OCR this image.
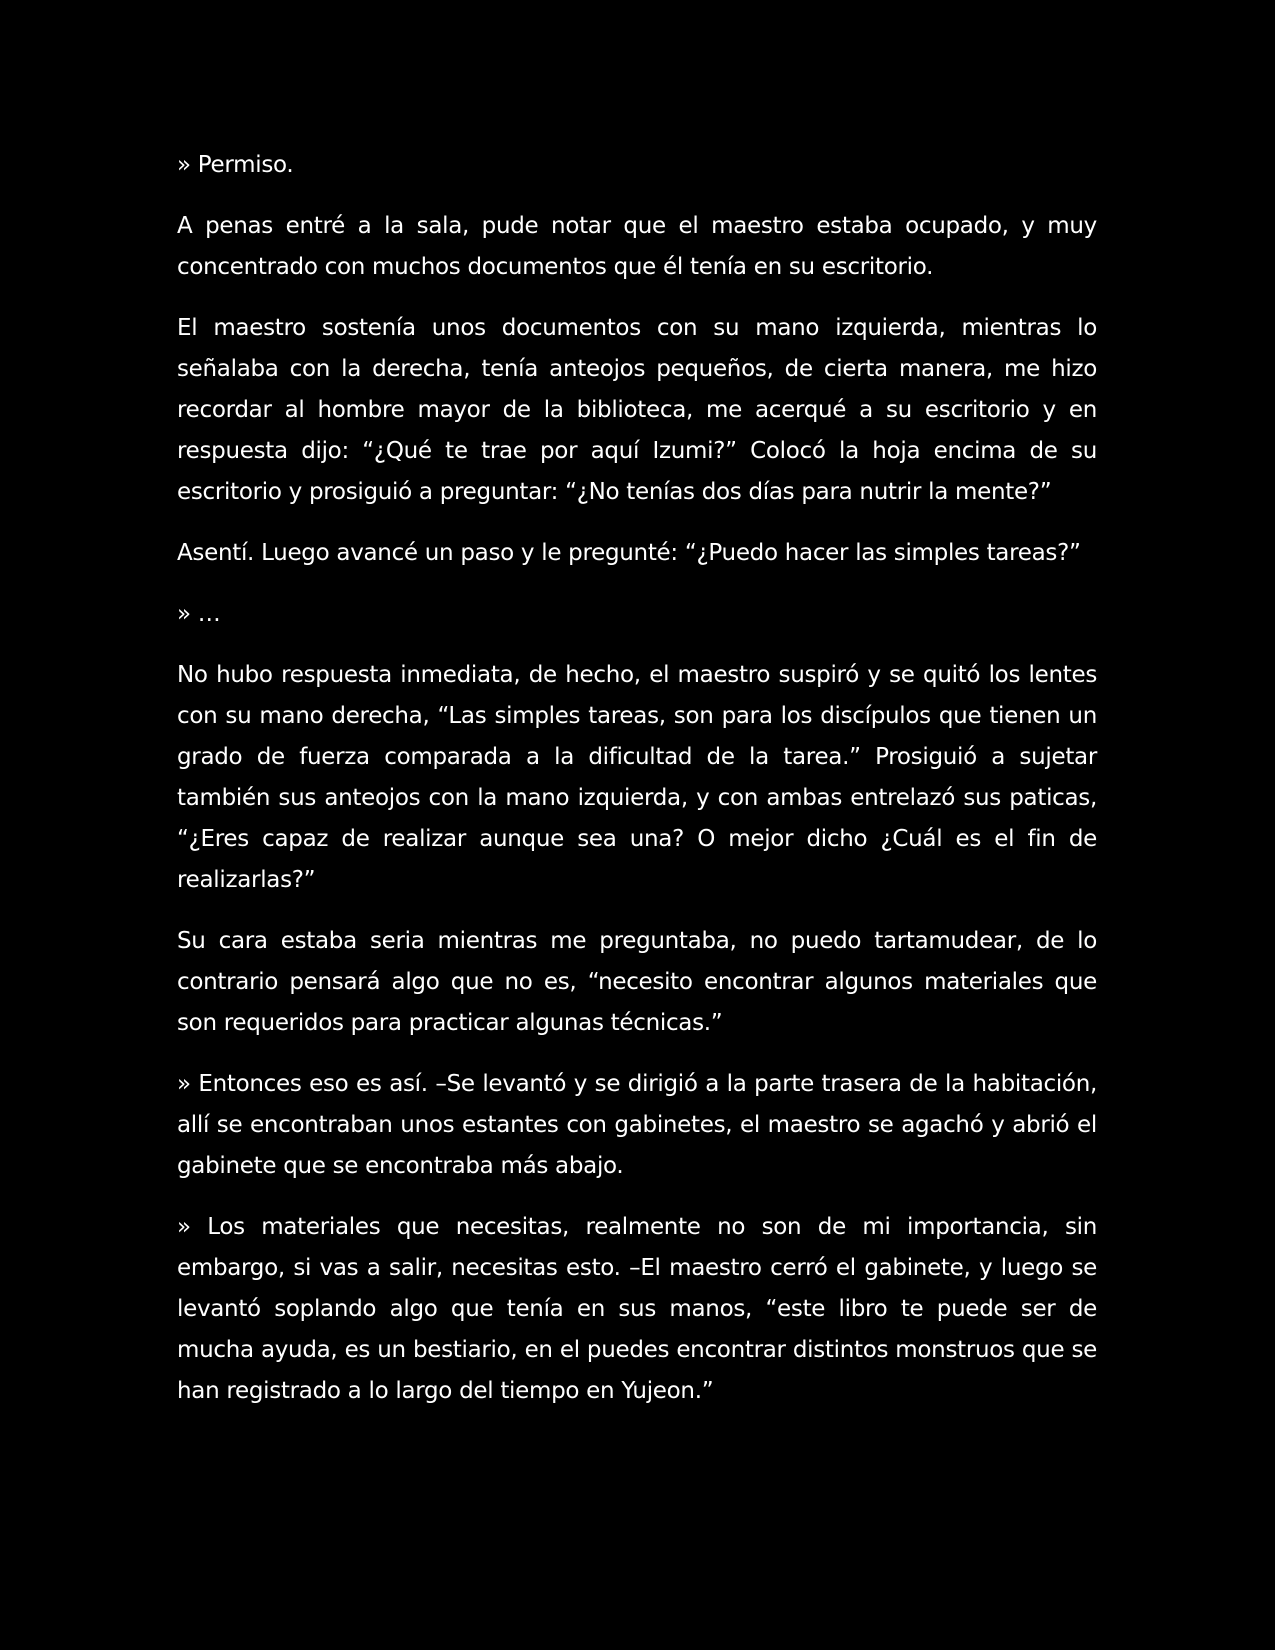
» Permiso.

A penas entré a la sala, pude notar que el maestro estaba ocupado, y muy concentrado con muchos documentos que él tenía en su escritorio.

El maestro sostenía unos documentos con su mano izquierda, mientras lo señalaba con la derecha, tenía anteojos pequeños, de cierta manera, me hizo recordar al hombre mayor de la biblioteca, me acerqué a su escritorio y en respuesta dijo: “¿Qué te trae por aquí Izumi?” Colocó la hoja encima de su escritorio y prosiguió a preguntar: “¿No tenías dos días para nutrir la mente?”

Asentí. Luego avancé un paso y le pregunté: “¿Puedo hacer las simples tareas?”

» …

No hubo respuesta inmediata, de hecho, el maestro suspiró y se quitó los lentes con su mano derecha, “Las simples tareas, son para los discípulos que tienen un grado de fuerza comparada a la dificultad de la tarea.” Prosiguió a sujetar también sus anteojos con la mano izquierda, y con ambas entrelazó sus paticas, “¿Eres capaz de realizar aunque sea una? O mejor dicho ¿Cuál es el fin de realizarlas?”

Su cara estaba seria mientras me preguntaba, no puedo tartamudear, de lo contrario pensará algo que no es, “necesito encontrar algunos materiales que son requeridos para practicar algunas técnicas.”

» Entonces eso es así. –Se levantó y se dirigió a la parte trasera de la habitación, allí se encontraban unos estantes con gabinetes, el maestro se agachó y abrió el gabinete que se encontraba más abajo.

» Los materiales que necesitas, realmente no son de mi importancia, sin embargo, si vas a salir, necesitas esto. –El maestro cerró el gabinete, y luego se levantó soplando algo que tenía en sus manos, “este libro te puede ser de mucha ayuda, es un bestiario, en el puedes encontrar distintos monstruos que se han registrado a lo largo del tiempo en Yujeon.”
